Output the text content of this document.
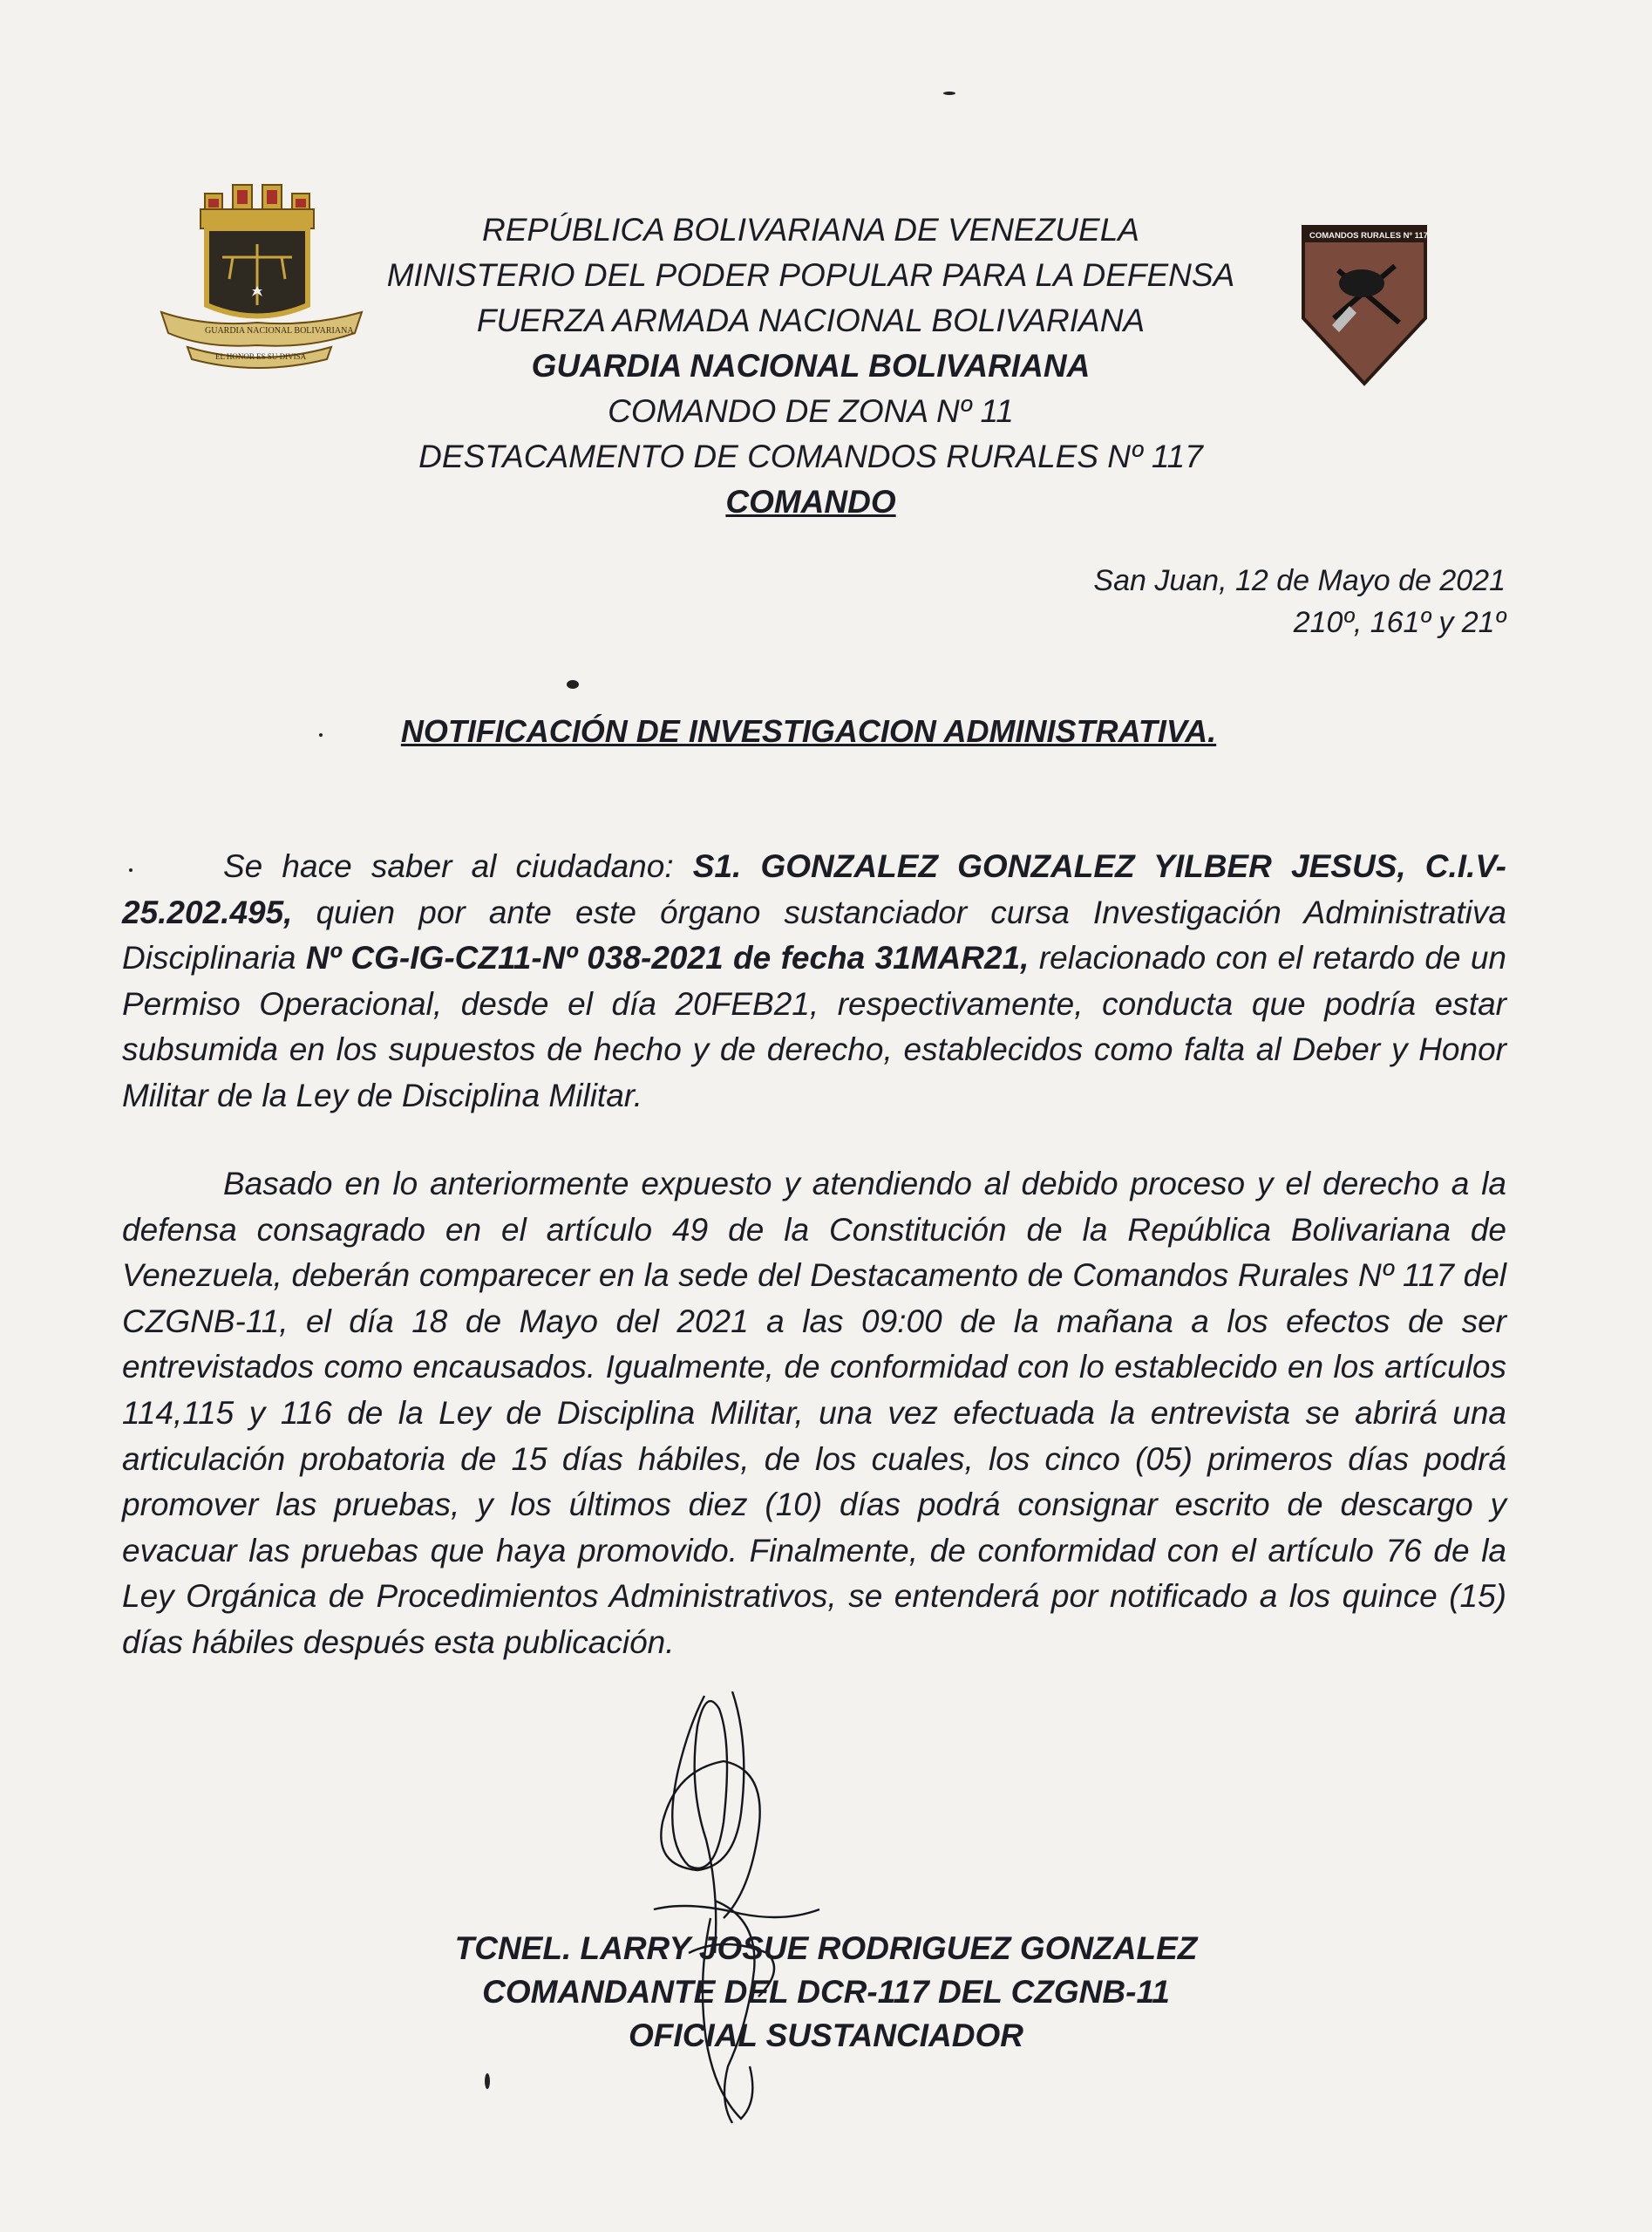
GUARDIA NACIONAL BOLIVARIANA
EL HONOR ES SU DIVISA
COMANDOS RURALES Nº 117
REPÚBLICA BOLIVARIANA DE VENEZUELA
MINISTERIO DEL PODER POPULAR PARA LA DEFENSA
FUERZA ARMADA NACIONAL BOLIVARIANA
GUARDIA NACIONAL BOLIVARIANA
COMANDO DE ZONA Nº 11
DESTACAMENTO DE COMANDOS RURALES Nº 117
COMANDO
San Juan, 12 de Mayo de 2021
210º, 161º y 21º
NOTIFICACIÓN DE INVESTIGACION ADMINISTRATIVA.

Se hace saber al ciudadano: S1. GONZALEZ GONZALEZ YILBER JESUS, C.I.V-25.202.495, quien por ante este órgano sustanciador cursa Investigación Administrativa Disciplinaria Nº CG-IG-CZ11-Nº 038-2021 de fecha 31MAR21, relacionado con el retardo de un Permiso Operacional, desde el día 20FEB21, respectivamente, conducta que podría estar subsumida en los supuestos de hecho y de derecho, establecidos como falta al Deber y Honor Militar de la Ley de Disciplina Militar.

Basado en lo anteriormente expuesto y atendiendo al debido proceso y el derecho a la defensa consagrado en el artículo 49 de la Constitución de la República Bolivariana de Venezuela, deberán comparecer en la sede del Destacamento de Comandos Rurales Nº 117 del CZGNB-11, el día 18 de Mayo del 2021 a las 09:00 de la mañana a los efectos de ser entrevistados como encausados. Igualmente, de conformidad con lo establecido en los artículos 114,115 y 116 de la Ley de Disciplina Militar, una vez efectuada la entrevista se abrirá una articulación probatoria de 15 días hábiles, de los cuales, los cinco (05) primeros días podrá promover las pruebas, y los últimos diez (10) días podrá consignar escrito de descargo y evacuar las pruebas que haya promovido. Finalmente, de conformidad con el artículo 76 de la Ley Orgánica de Procedimientos Administrativos, se entenderá por notificado a los quince (15) días hábiles después esta publicación.

TCNEL. LARRY JOSUE RODRIGUEZ GONZALEZ
COMANDANTE DEL DCR-117 DEL CZGNB-11
OFICIAL SUSTANCIADOR
